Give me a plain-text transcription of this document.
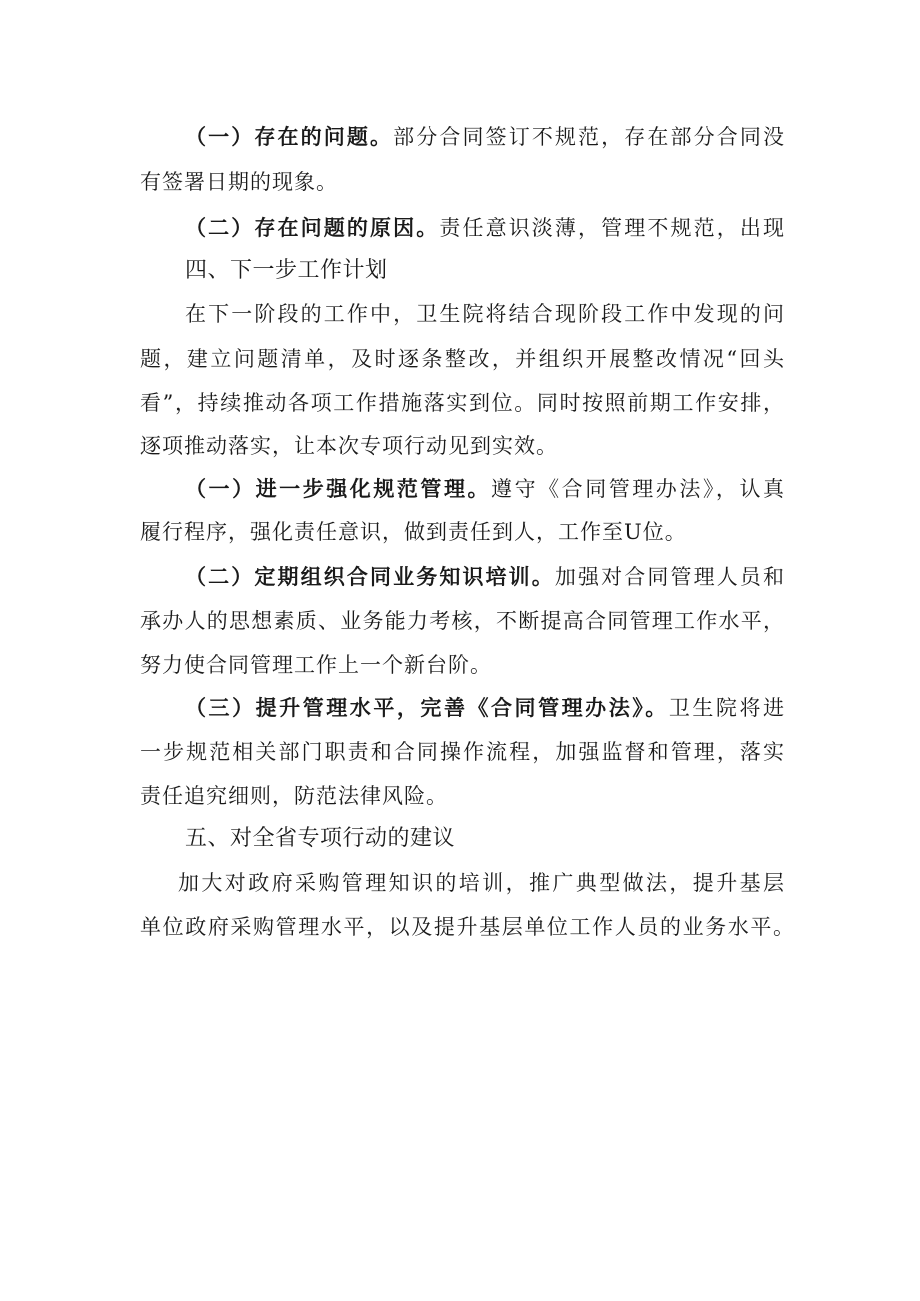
（一）存在的问题。部分合同签订不规范，存在部分合同没
有签署日期的现象。
（二）存在问题的原因。责任意识淡薄，管理不规范，出现
四、下一步工作计划
在下一阶段的工作中，卫生院将结合现阶段工作中发现的问
题，建立问题清单，及时逐条整改，并组织开展整改情况“回头
看”，持续推动各项工作措施落实到位。同时按照前期工作安排，
逐项推动落实，让本次专项行动见到实效。
（一）进一步强化规范管理。遵守《合同管理办法》，认真
履行程序，强化责任意识，做到责任到人，工作至U位。
（二）定期组织合同业务知识培训。加强对合同管理人员和
承办人的思想素质、业务能力考核，不断提高合同管理工作水平，
努力使合同管理工作上一个新台阶。
（三）提升管理水平，完善《合同管理办法》。卫生院将进
一步规范相关部门职责和合同操作流程，加强监督和管理，落实
责任追究细则，防范法律风险。
五、对全省专项行动的建议
加大对政府采购管理知识的培训，推广典型做法，提升基层
单位政府采购管理水平，以及提升基层单位工作人员的业务水平。
